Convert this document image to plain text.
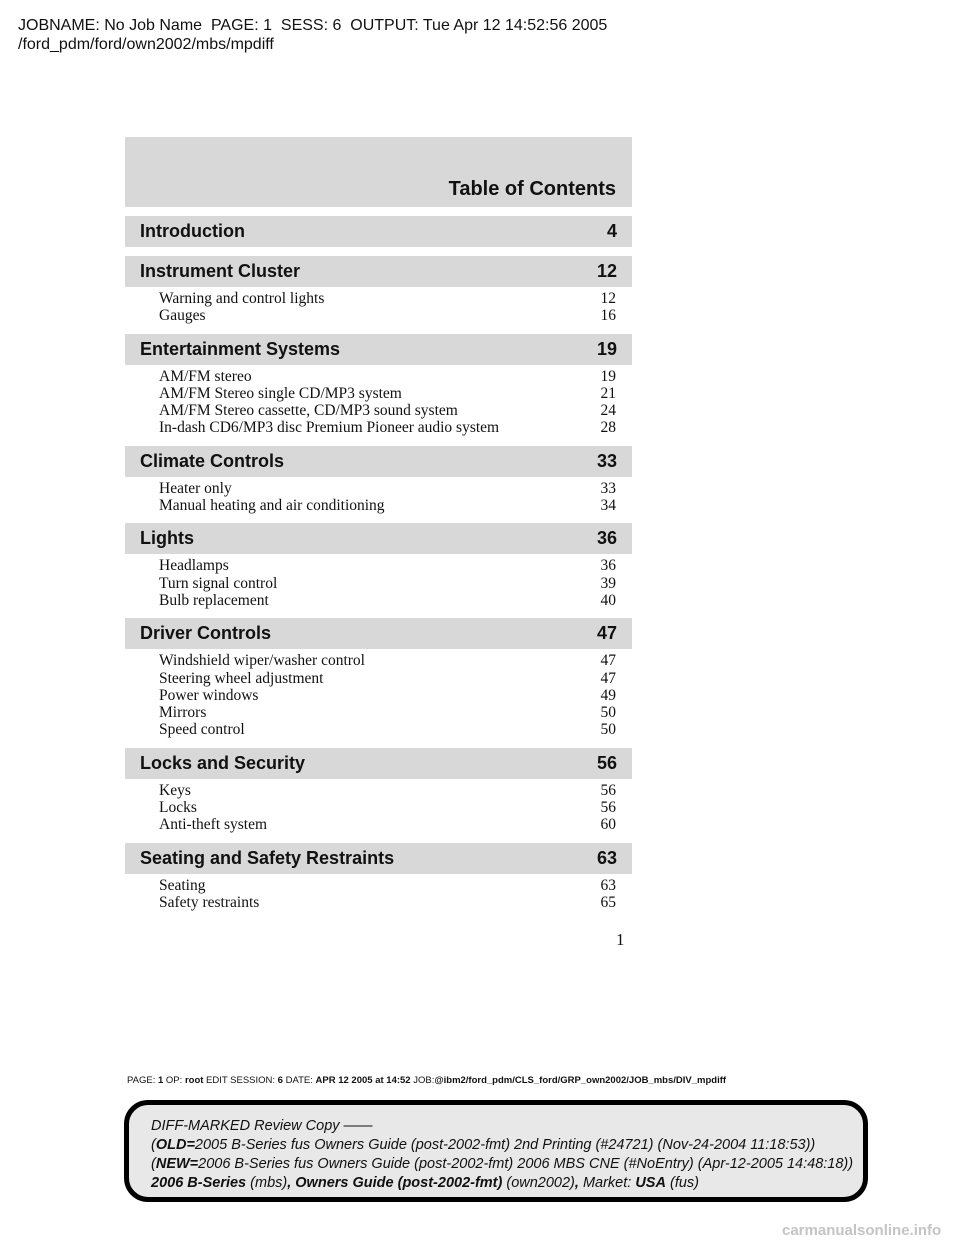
JOBNAME: No Job Name  PAGE: 1  SESS: 6  OUTPUT: Tue Apr 12 14:52:56 2005
/ford_pdm/ford/own2002/mbs/mpdiff
Table of Contents
Introduction	4
Instrument Cluster	12
Warning and control lights	12
Gauges	16
Entertainment Systems	19
AM/FM stereo	19
AM/FM Stereo single CD/MP3 system	21
AM/FM Stereo cassette, CD/MP3 sound system	24
In-dash CD6/MP3 disc Premium Pioneer audio system	28
Climate Controls	33
Heater only	33
Manual heating and air conditioning	34
Lights	36
Headlamps	36
Turn signal control	39
Bulb replacement	40
Driver Controls	47
Windshield wiper/washer control	47
Steering wheel adjustment	47
Power windows	49
Mirrors	50
Speed control	50
Locks and Security	56
Keys	56
Locks	56
Anti-theft system	60
Seating and Safety Restraints	63
Seating	63
Safety restraints	65
1
PAGE: 1 OP: root EDIT SESSION: 6 DATE: APR 12 2005 at 14:52 JOB:@ibm2/ford_pdm/CLS_ford/GRP_own2002/JOB_mbs/DIV_mpdiff
DIFF-MARKED Review Copy ——
(OLD=2005 B-Series fus Owners Guide (post-2002-fmt) 2nd Printing (#24721) (Nov-24-2004 11:18:53))
(NEW=2006 B-Series fus Owners Guide (post-2002-fmt) 2006 MBS CNE (#NoEntry) (Apr-12-2005 14:48:18))
2006 B-Series (mbs), Owners Guide (post-2002-fmt) (own2002), Market: USA (fus)
carmanualsonline.info
